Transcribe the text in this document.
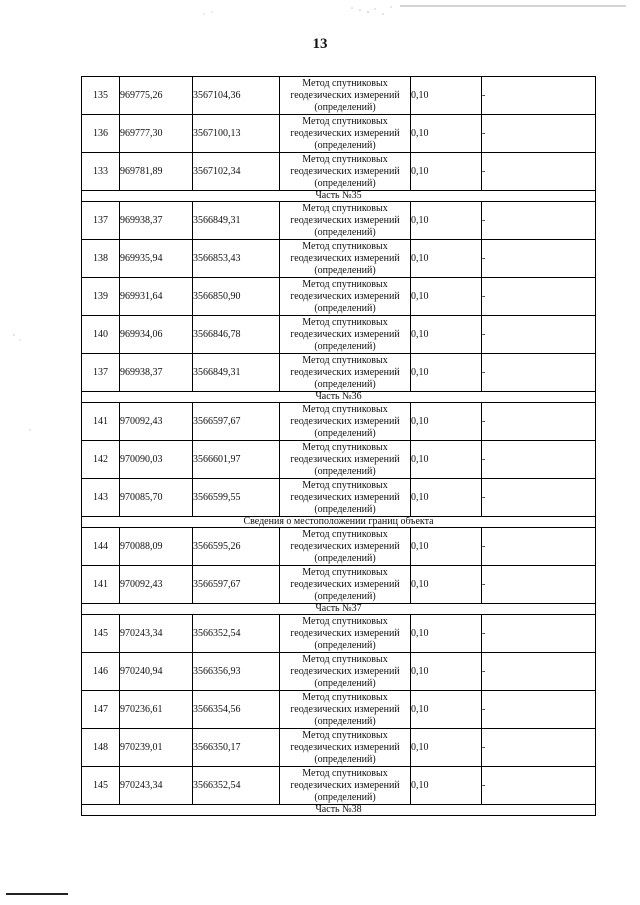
13
135	969775,26	3567104,36	Метод спутниковых
геодезических измерений
(определений)	0,10	-
136	969777,30	3567100,13	Метод спутниковых
геодезических измерений
(определений)	0,10	-
133	969781,89	3567102,34	Метод спутниковых
геодезических измерений
(определений)	0,10	-
Часть №35					
137	969938,37	3566849,31	Метод спутниковых
геодезических измерений
(определений)	0,10	-
138	969935,94	3566853,43	Метод спутниковых
геодезических измерений
(определений)	0,10	-
139	969931,64	3566850,90	Метод спутниковых
геодезических измерений
(определений)	0,10	-
140	969934,06	3566846,78	Метод спутниковых
геодезических измерений
(определений)	0,10	-
137	969938,37	3566849,31	Метод спутниковых
геодезических измерений
(определений)	0,10	-
Часть №36					
141	970092,43	3566597,67	Метод спутниковых
геодезических измерений
(определений)	0,10	-
142	970090,03	3566601,97	Метод спутниковых
геодезических измерений
(определений)	0,10	-
143	970085,70	3566599,55	Метод спутниковых
геодезических измерений
(определений)	0,10	-
Сведения о местоположении границ объекта					
144	970088,09	3566595,26	Метод спутниковых
геодезических измерений
(определений)	0,10	-
141	970092,43	3566597,67	Метод спутниковых
геодезических измерений
(определений)	0,10	-
Часть №37					
145	970243,34	3566352,54	Метод спутниковых
геодезических измерений
(определений)	0,10	-
146	970240,94	3566356,93	Метод спутниковых
геодезических измерений
(определений)	0,10	-
147	970236,61	3566354,56	Метод спутниковых
геодезических измерений
(определений)	0,10	-
148	970239,01	3566350,17	Метод спутниковых
геодезических измерений
(определений)	0,10	-
145	970243,34	3566352,54	Метод спутниковых
геодезических измерений
(определений)	0,10	-
Часть №38					
